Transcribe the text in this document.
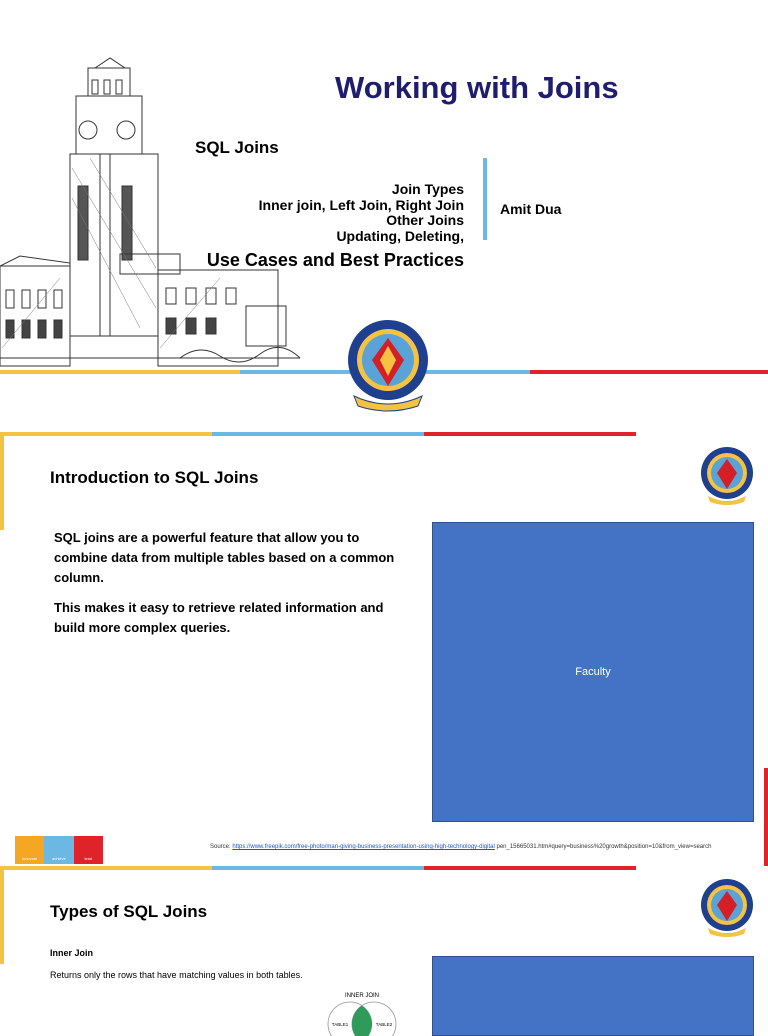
Working with Joins
SQL Joins
Join Types
Inner join, Left Join, Right Join
Other Joins
Updating, Deleting,
Amit Dua
Use Cases and Best Practices
Introduction to SQL Joins
SQL joins are a powerful feature that allow you to combine data from multiple tables based on a common column.
This makes it easy to retrieve related information and build more complex queries.
Faculty
innovate	achieve	lead
Source: https://www.freepik.com/free-photo/man-giving-business-presentation-using-high-technology-digital pen_15665031.htm#query=business%20growth&position=10&from_view=search
Types of SQL Joins
Inner Join
Returns only the rows that have matching values in both tables.
INNER JOIN
TABLE1	TABLE2
